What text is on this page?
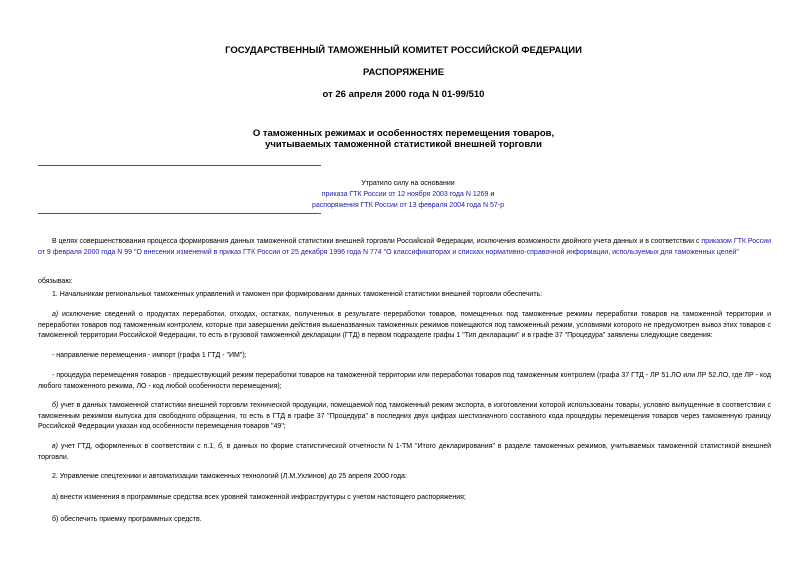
ГОСУДАРСТВЕННЫЙ ТАМОЖЕННЫЙ КОМИТЕТ РОССИЙСКОЙ ФЕДЕРАЦИИ
РАСПОРЯЖЕНИЕ
от 26 апреля 2000 года N 01-99/510
О таможенных режимах и особенностях перемещения товаров,
учитываемых таможенной статистикой внешней торговли
Утратило силу на основании
приказа ГТК России от 12 ноября 2003 года N 1269 и
распоряжения ГТК России от 13 февраля 2004 года N 57-р
В целях совершенствования процесса формирования данных таможенной статистики внешней торговли Российской Федерации, исключения возможности двойного учета данных и в соответствии с приказом ГТК России от 9 февраля 2000 года N 99 "О внесении изменений в приказ ГТК России от 25 декабря 1996 года N 774 "О классификаторах и списках нормативно-справочной информации, используемых для таможенных целей"
обязываю:
1. Начальникам региональных таможенных управлений и таможен при формировании данных таможенной статистики внешней торговли обеспечить:
а) исключение сведений о продуктах переработки, отходах, остатках, полученных в результате переработки товаров, помещенных под таможенные режимы переработки товаров на таможенной территории и переработки товаров под таможенным контролем, которые при завершении действия вышеназванных таможенных режимов помещаются под таможенный режим, условиями которого не предусмотрен вывоз этих товаров с таможенной территории Российской Федерации, то есть в грузовой таможенной декларации (ГТД) в первом подразделе графы 1 "Тип декларации" и в графе 37 "Процедура" заявлены следующие сведения:
- направление перемещения - импорт (графа 1 ГТД - "ИМ");
- процедура перемещения товаров - предшествующий режим переработки товаров на таможенной территории или переработки товаров под таможенным контролем (графа 37 ГТД - ЛР 51.ЛО или ЛР 52.ЛО, где ЛР - код любого таможенного режима, ЛО - код любой особенности перемещения);
б) учет в данных таможенной статистики внешней торговли технической продукции, помещаемой под таможенный режим экспорта, в изготовлении которой использованы товары, условно выпущенные в соответствии с таможенным режимом выпуска для свободного обращения, то есть в ГТД в графе 37 "Процедура" в последних двух цифрах шестизначного составного кода процедуры перемещения товаров через таможенную границу Российской Федерации указан код особенности перемещения товаров "49";
в) учет ГТД, оформленных в соответствии с п.1, б, в данных по форме статистической отчетности N 1-ТМ "Итого декларирования" в разделе таможенных режимов, учитываемых таможенной статистикой внешней торговли.
2. Управление спецтехники и автоматизации таможенных технологий (Л.М.Ухлинов) до 25 апреля 2000 года:
а) внести изменения в программные средства всех уровней таможенной инфраструктуры с учетом настоящего распоряжения;
б) обеспечить приемку программных средств.
